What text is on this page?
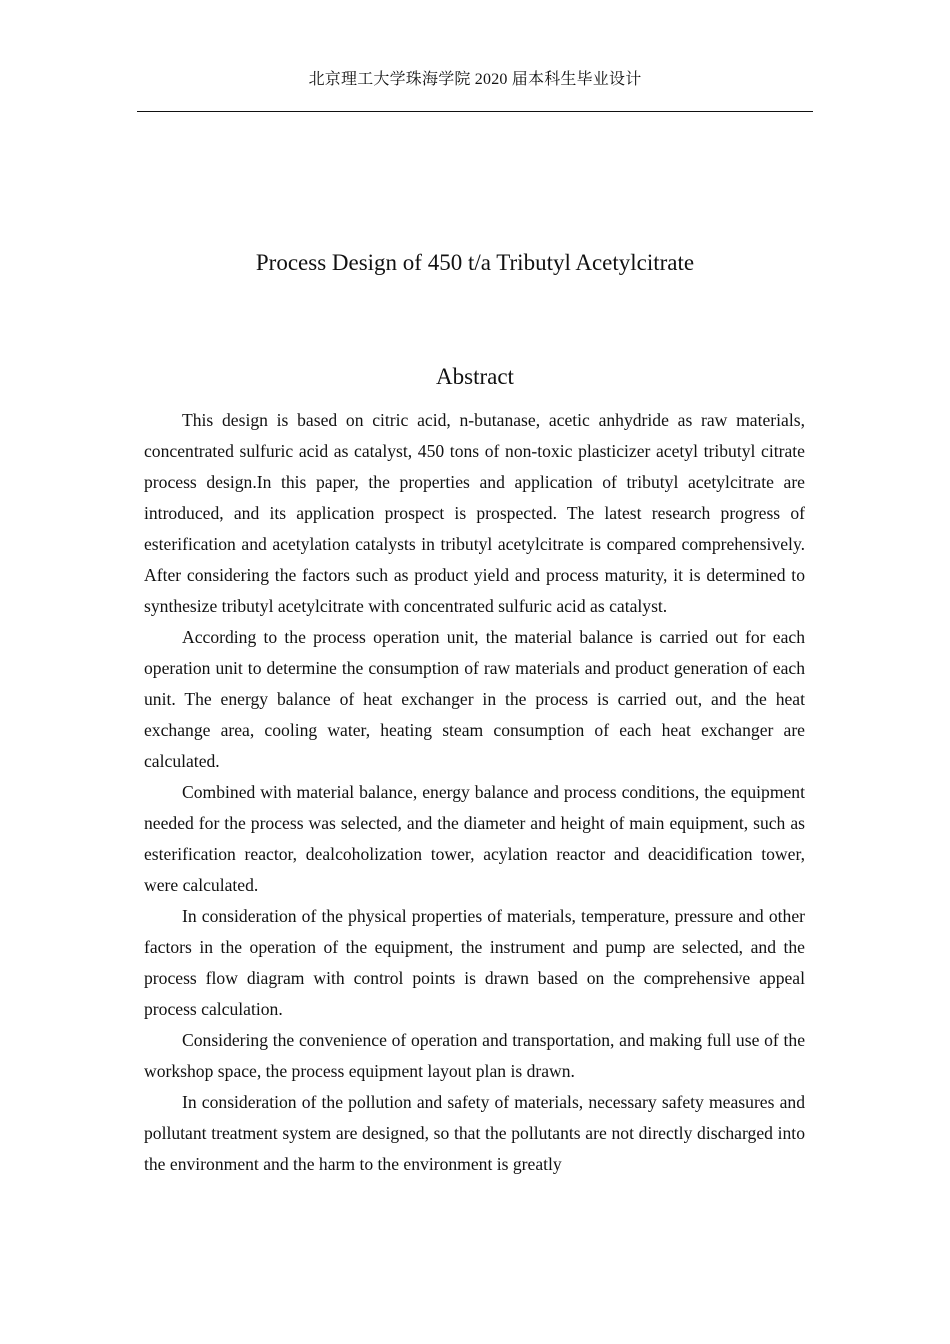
北京理工大学珠海学院 2020 届本科生毕业设计
Process Design of 450 t/a Tributyl Acetylcitrate
Abstract

This design is based on citric acid, n-butanase, acetic anhydride as raw materials, concentrated sulfuric acid as catalyst, 450 tons of non-toxic plasticizer acetyl tributyl citrate process design.In this paper, the properties and application of tributyl acetylcitrate are introduced, and its application prospect is prospected. The latest research progress of esterification and acetylation catalysts in tributyl acetylcitrate is compared comprehensively. After considering the factors such as product yield and process maturity, it is determined to synthesize tributyl acetylcitrate with concentrated sulfuric acid as catalyst.

According to the process operation unit, the material balance is carried out for each operation unit to determine the consumption of raw materials and product generation of each unit. The energy balance of heat exchanger in the process is carried out, and the heat exchange area, cooling water, heating steam consumption of each heat exchanger are calculated.

Combined with material balance, energy balance and process conditions, the equipment needed for the process was selected, and the diameter and height of main equipment, such as esterification reactor, dealcoholization tower, acylation reactor and deacidification tower, were calculated.

In consideration of the physical properties of materials, temperature, pressure and other factors in the operation of the equipment, the instrument and pump are selected, and the process flow diagram with control points is drawn based on the comprehensive appeal process calculation.

Considering the convenience of operation and transportation, and making full use of the workshop space, the process equipment layout plan is drawn.

In consideration of the pollution and safety of materials, necessary safety measures and pollutant treatment system are designed, so that the pollutants are not directly discharged into the environment and the harm to the environment is greatly
